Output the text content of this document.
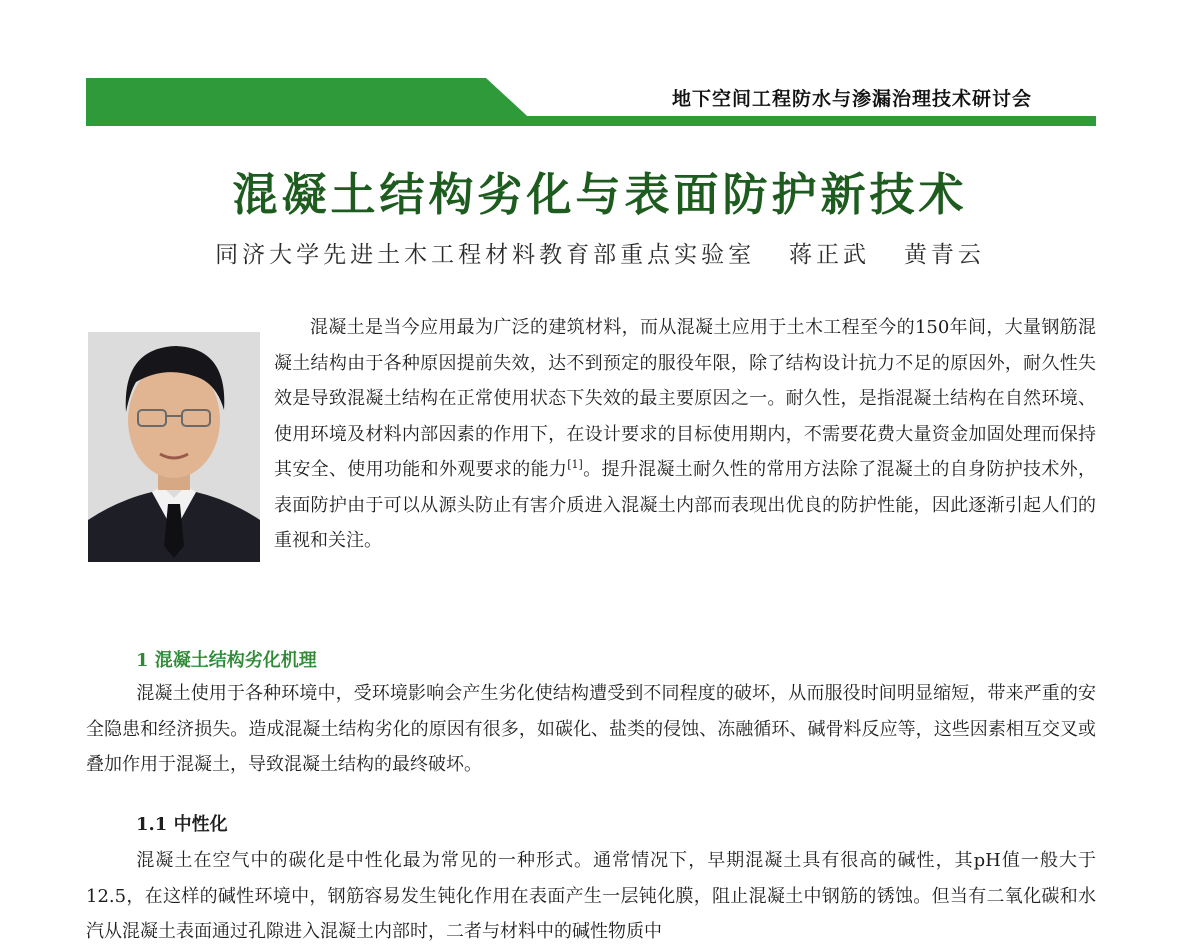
地下空间工程防水与渗漏治理技术研讨会
混凝土结构劣化与表面防护新技术
同济大学先进土木工程材料教育部重点实验室   蒋正武   黄青云

混凝土是当今应用最为广泛的建筑材料，而从混凝土应用于土木工程至今的150年间，大量钢筋混凝土结构由于各种原因提前失效，达不到预定的服役年限，除了结构设计抗力不足的原因外，耐久性失效是导致混凝土结构在正常使用状态下失效的最主要原因之一。耐久性，是指混凝土结构在自然环境、使用环境及材料内部因素的作用下，在设计要求的目标使用期内，不需要花费大量资金加固处理而保持其安全、使用功能和外观要求的能力[1]。提升混凝土耐久性的常用方法除了混凝土的自身防护技术外，表面防护由于可以从源头防止有害介质进入混凝土内部而表现出优良的防护性能，因此逐渐引起人们的重视和关注。

1 混凝土结构劣化机理

混凝土使用于各种环境中，受环境影响会产生劣化使结构遭受到不同程度的破坏，从而服役时间明显缩短，带来严重的安全隐患和经济损失。造成混凝土结构劣化的原因有很多，如碳化、盐类的侵蚀、冻融循环、碱骨料反应等，这些因素相互交叉或叠加作用于混凝土，导致混凝土结构的最终破坏。

1.1 中性化

混凝土在空气中的碳化是中性化最为常见的一种形式。通常情况下，早期混凝土具有很高的碱性，其pH值一般大于12.5，在这样的碱性环境中，钢筋容易发生钝化作用在表面产生一层钝化膜，阻止混凝土中钢筋的锈蚀。但当有二氧化碳和水汽从混凝土表面通过孔隙进入混凝土内部时，二者与材料中的碱性物质中
